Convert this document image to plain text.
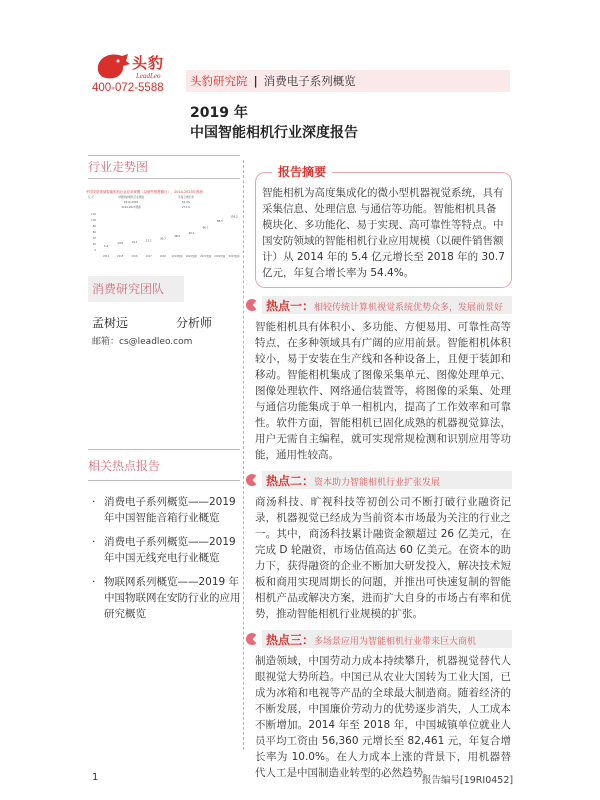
头豹
LeadLeo
400-072-5588	头豹研究院 | 消费电子系列概览
2019 年
中国智能相机行业深度报告
行业走势图
中国安防领域智能相机行业应用规模（以硬件销售额计），2014-2023年预测
亿元	中国智能相机行业规模
2014-2018
2019-2023预测
年复合增长率
54.4%
27.1%
0
20
40
60
80
100
120
5.4
2014
14.5
2015
19.1
2016
23.2
2017
30.7
2018
38.5
2019预测
49.1
2020预测
66.7
2021预测
88.3
2022预测
103.2
2023预测
消费研究团队
孟树远	分析师
邮箱：cs@leadleo.com
相关热点报告
· 消费电子系列概览——2019 年中国智能音箱行业概览
· 消费电子系列概览——2019 年中国无线充电行业概览
· 物联网系列概览——2019 年中国物联网在安防行业的应用研究概览
报告摘要
智能相机为高度集成化的微小型机器视觉系统，具有采集信息、处理信息 与通信等功能。智能相机具备模块化、多功能化、易于实现、高可靠性等特点。中国安防领域的智能相机行业应用规模（以硬件销售额计）从 2014 年的 5.4 亿元增长至 2018 年的 30.7 亿元，年复合增长率为 54.4%。
热点一：相较传统计算机视觉系统优势众多，发展前景好
智能相机具有体积小、多功能、方便易用、可靠性高等特点，在多种领域具有广阔的应用前景。智能相机体积较小，易于安装在生产线和各种设备上，且便于装卸和移动。智能相机集成了图像采集单元、图像处理单元、图像处理软件、网络通信装置等，将图像的采集、处理与通信功能集成于单一相机内，提高了工作效率和可靠性。软件方面，智能相机已固化成熟的机器视觉算法，用户无需自主编程，就可实现常规检测和识别应用等功能，通用性较高。
热点二：资本助力智能相机行业扩张发展
商汤科技、旷视科技等初创公司不断打破行业融资记录，机器视觉已经成为当前资本市场最为关注的行业之一。其中，商汤科技累计融资金额超过 26 亿美元，在完成 D 轮融资，市场估值高达 60 亿美元。在资本的助力下，获得融资的企业不断加大研发投入，解决技术短板和商用实现周期长的问题，并推出可快速复制的智能相机产品或解决方案，进而扩大自身的市场占有率和优势，推动智能相机行业规模的扩张。
热点三：多场景应用为智能相机行业带来巨大商机
制造领域，中国劳动力成本持续攀升，机器视觉替代人眼视觉大势所趋。中国已从农业大国转为工业大国，已成为冰箱和电视等产品的全球最大制造商。随着经济的不断发展，中国廉价劳动力的优势逐步消失，人工成本不断增加。2014 年至 2018 年，中国城镇单位就业人员平均工资由 56,360 元增长至 82,461 元，年复合增长率为 10.0%。在人力成本上涨的背景下，用机器替代人工是中国制造业转型的必然趋势。
1	报告编号[19RI0452]
